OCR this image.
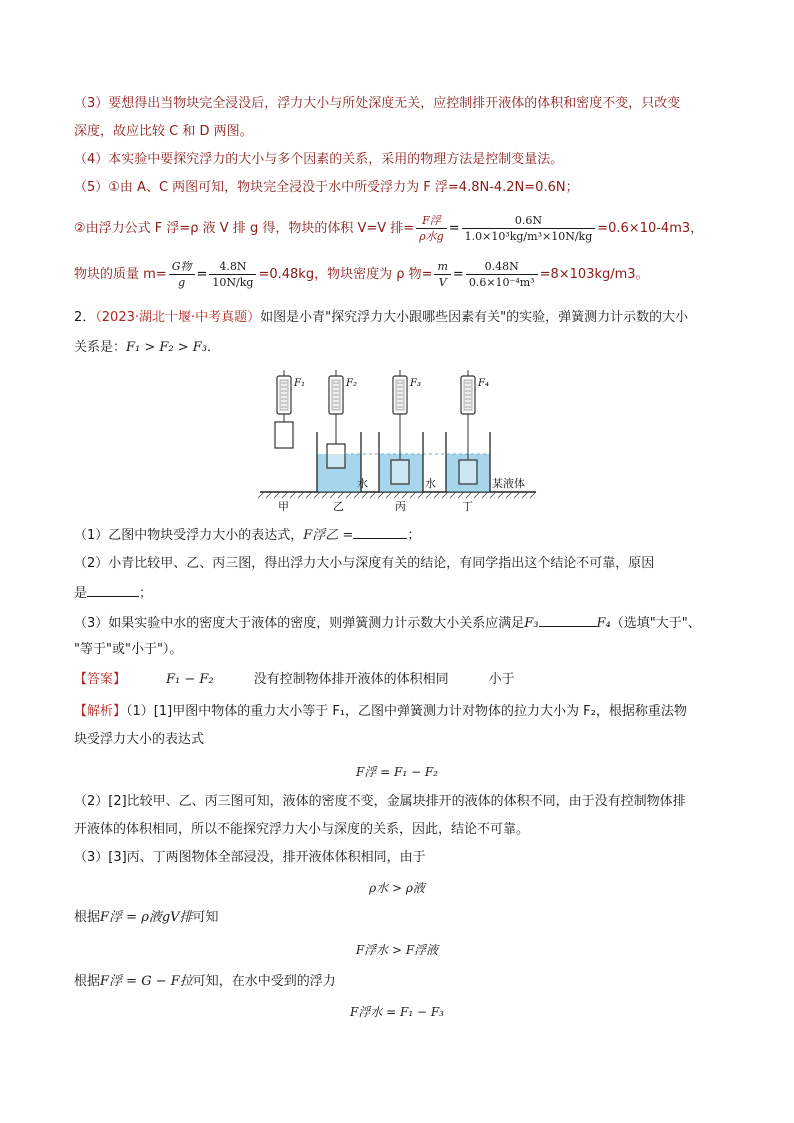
（3）要想得出当物块完全浸没后，浮力大小与所处深度无关，应控制排开液体的体积和密度不变，只改变
深度，故应比较 C 和 D 两图。
（4）本实验中要探究浮力的大小与多个因素的关系，采用的物理方法是控制变量法。
（5）①由 A、C 两图可知，物块完全浸没于水中所受浮力为 F 浮=4.8N-4.2N=0.6N；
②由浮力公式 F 浮=ρ 液 V 排 g 得，物块的体积 V=V 排= $\frac{\text{F浮}}{\text{ρ水g}} = \frac{0.6N}{\text{1.0×10³kg/m³×10N/kg}} =0.6\times 10-4m3$，
物块的质量 $m= \frac{\text{G物}}{g} = \frac{4.8N}{10N/kg} =0.48kg$，物块密度为 ρ 物= $\frac{m}{V} = \frac{0.48N}{\text{0.6×10⁻⁴m³}} =8\times 103kg/m3$。
2．（2023·湖北十堰·中考真题）如图是小青"探究浮力大小跟哪些因素有关"的实验，弹簧测力计示数的大小
关系是：F₁ > F₂ > F₃．
F₁	F₂	F₃	F₄
水	水	某液体
甲	乙	丙	丁
（1）乙图中物块受浮力大小的表达式，F浮乙 =	；
（2）小青比较甲、乙、丙三图，得出浮力大小与深度有关的结论，有同学指出这个结论不可靠，原因
是	；
（3）如果实验中水的密度大于液体的密度，则弹簧测力计示数大小关系应满足F₃	F₄（选填"大于"、
"等于"或"小于"）。
【答案】	F₁ − F₂	没有控制物体排开液体的体积相同	小于
【解析】（1）[1]甲图中物体的重力大小等于 F₁，乙图中弹簧测力计对物体的拉力大小为 F₂，根据称重法物
块受浮力大小的表达式
F浮 = F₁ − F₂
（2）[2]比较甲、乙、丙三图可知，液体的密度不变，金属块排开的液体的体积不同，由于没有控制物体排
开液体的体积相同，所以不能探究浮力大小与深度的关系，因此，结论不可靠。
（3）[3]丙、丁两图物体全部浸没，排开液体体积相同，由于
ρ水 > ρ液
根据F浮 = ρ液gV排可知
F浮水 > F浮液
根据F浮 = G − F拉可知，在水中受到的浮力
F浮水 = F₁ − F₃
